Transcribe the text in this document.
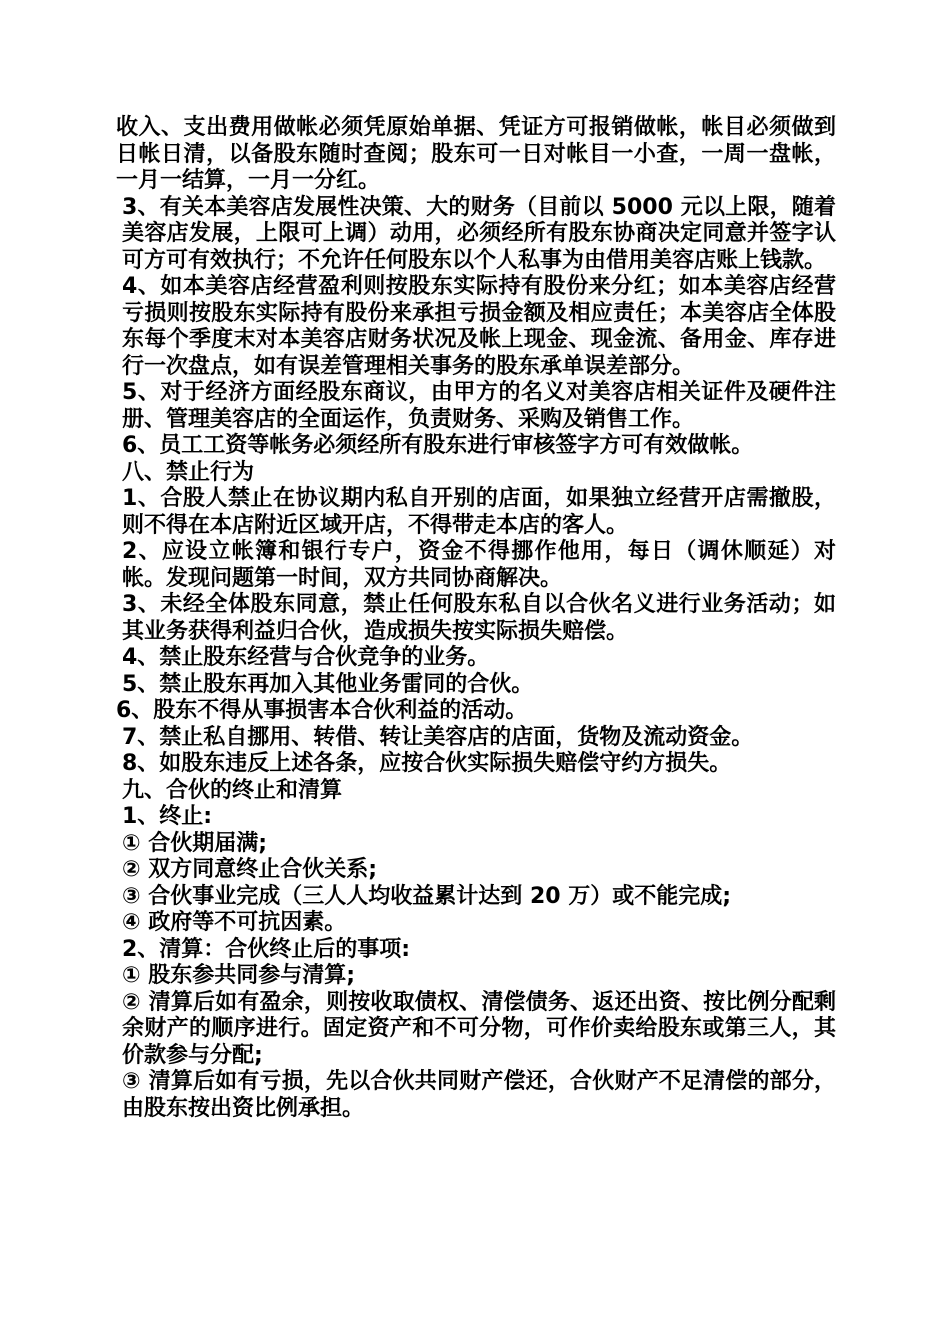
收入、支出费用做帐必须凭原始单据、凭证方可报销做帐，帐目必须做到日帐日清，以备股东随时查阅；股东可一日对帐目一小查，一周一盘帐，一月一结算，一月一分红。

3、有关本美容店发展性决策、大的财务（目前以 5000 元以上限，随着美容店发展，上限可上调）动用，必须经所有股东协商决定同意并签字认可方可有效执行；不允许任何股东以个人私事为由借用美容店账上钱款。

4、如本美容店经营盈利则按股东实际持有股份来分红；如本美容店经营亏损则按股东实际持有股份来承担亏损金额及相应责任；本美容店全体股东每个季度末对本美容店财务状况及帐上现金、现金流、备用金、库存进行一次盘点，如有误差管理相关事务的股东承单误差部分。

5、对于经济方面经股东商议，由甲方的名义对美容店相关证件及硬件注册、管理美容店的全面运作，负责财务、采购及销售工作。

6、员工工资等帐务必须经所有股东进行审核签字方可有效做帐。

八、禁止行为

1、合股人禁止在协议期内私自开别的店面，如果独立经营开店需撤股，则不得在本店附近区域开店，不得带走本店的客人。

2、应设立帐簿和银行专户，资金不得挪作他用，每日（调休顺延）对帐。发现问题第一时间，双方共同协商解决。

3、未经全体股东同意，禁止任何股东私自以合伙名义进行业务活动；如其业务获得利益归合伙，造成损失按实际损失赔偿。

4、禁止股东经营与合伙竞争的业务。

5、禁止股东再加入其他业务雷同的合伙。

6、股东不得从事损害本合伙利益的活动。

7、禁止私自挪用、转借、转让美容店的店面，货物及流动资金。

8、如股东违反上述各条，应按合伙实际损失赔偿守约方损失。

九、合伙的终止和清算

1、终止:

① 合伙期届满;

② 双方同意终止合伙关系;

③ 合伙事业完成（三人人均收益累计达到 20 万）或不能完成;

④ 政府等不可抗因素。

2、清算：合伙终止后的事项:

① 股东参共同参与清算;

② 清算后如有盈余，则按收取债权、清偿债务、返还出资、按比例分配剩余财产的顺序进行。固定资产和不可分物，可作价卖给股东或第三人，其价款参与分配;

③ 清算后如有亏损，先以合伙共同财产偿还，合伙财产不足清偿的部分，由股东按出资比例承担。
